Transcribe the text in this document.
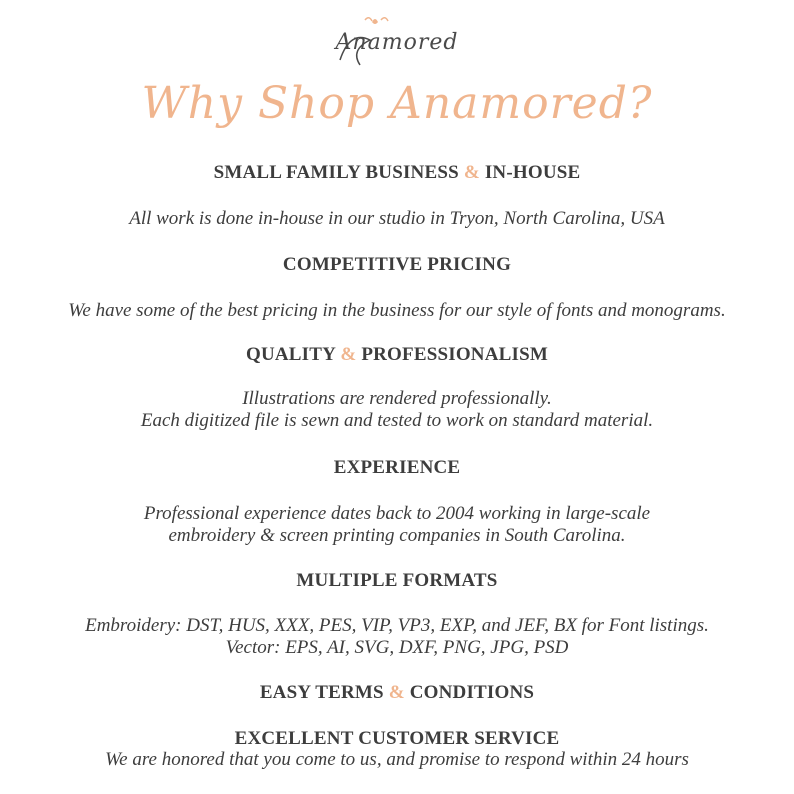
Anamored
Why Shop Anamored?
SMALL FAMILY BUSINESS & IN-HOUSE
All work is done in-house in our studio in Tryon, North Carolina, USA
COMPETITIVE PRICING
We have some of the best pricing in the business for our style of fonts and monograms.
QUALITY & PROFESSIONALISM
Illustrations are rendered professionally.
Each digitized file is sewn and tested to work on standard material.
EXPERIENCE
Professional experience dates back to 2004 working in large-scale
embroidery & screen printing companies in South Carolina.
MULTIPLE FORMATS
Embroidery: DST, HUS, XXX, PES, VIP, VP3, EXP, and JEF, BX for Font listings.
Vector: EPS, AI, SVG, DXF, PNG, JPG, PSD
EASY TERMS & CONDITIONS
EXCELLENT CUSTOMER SERVICE
We are honored that you come to us, and promise to respond within 24 hours
